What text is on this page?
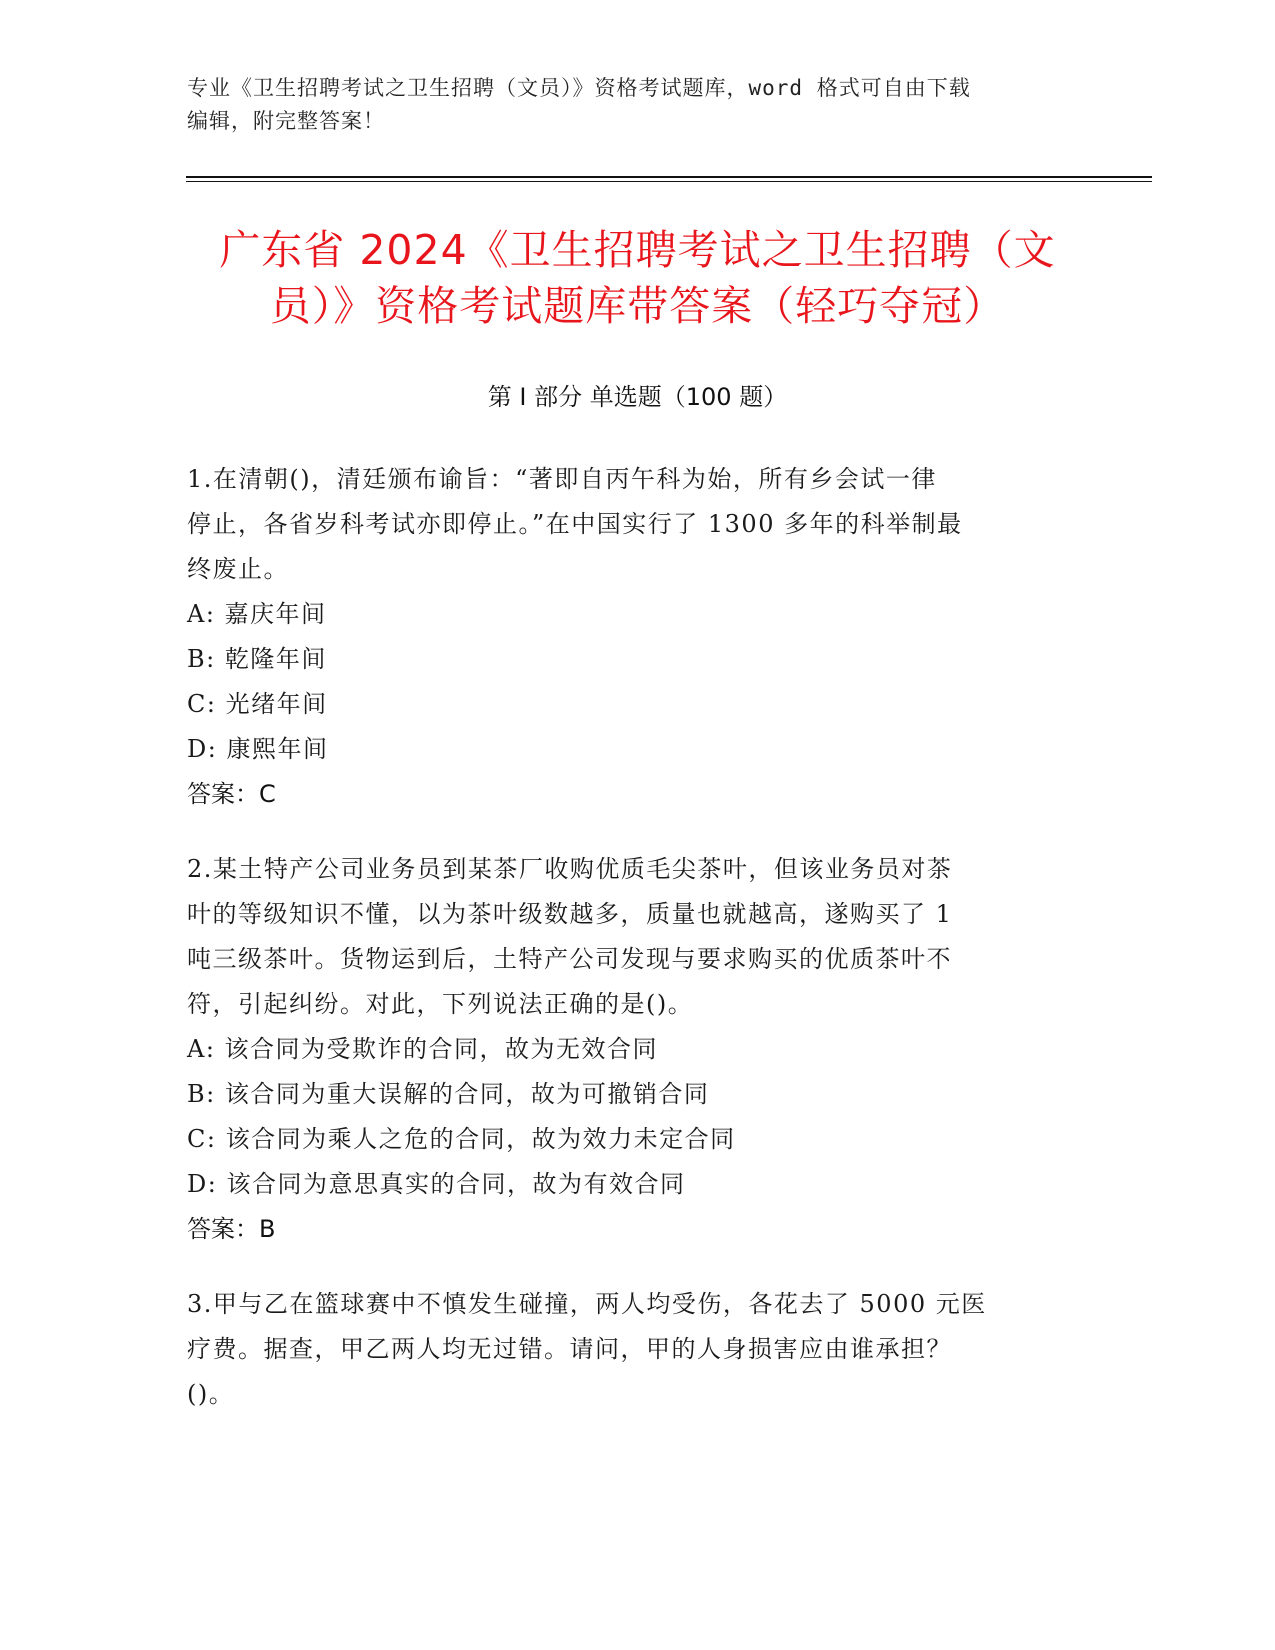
专业《卫生招聘考试之卫生招聘（文员）》资格考试题库，word 格式可自由下载
编辑，附完整答案！
广东省 2024《卫生招聘考试之卫生招聘（文
员）》资格考试题库带答案（轻巧夺冠）
第 I 部分 单选题（100 题）
1.在清朝()，清廷颁布谕旨：“著即自丙午科为始，所有乡会试一律
停止，各省岁科考试亦即停止。”在中国实行了 1300 多年的科举制最
终废止。
A: 嘉庆年间
B: 乾隆年间
C: 光绪年间
D: 康熙年间
答案：C
2.某土特产公司业务员到某茶厂收购优质毛尖茶叶，但该业务员对茶
叶的等级知识不懂，以为茶叶级数越多，质量也就越高，遂购买了 1
吨三级茶叶。货物运到后，土特产公司发现与要求购买的优质茶叶不
符，引起纠纷。对此，下列说法正确的是()。
A: 该合同为受欺诈的合同，故为无效合同
B: 该合同为重大误解的合同，故为可撤销合同
C: 该合同为乘人之危的合同，故为效力未定合同
D: 该合同为意思真实的合同，故为有效合同
答案：B
3.甲与乙在篮球赛中不慎发生碰撞，两人均受伤，各花去了 5000 元医
疗费。据查，甲乙两人均无过错。请问，甲的人身损害应由谁承担？
()。
